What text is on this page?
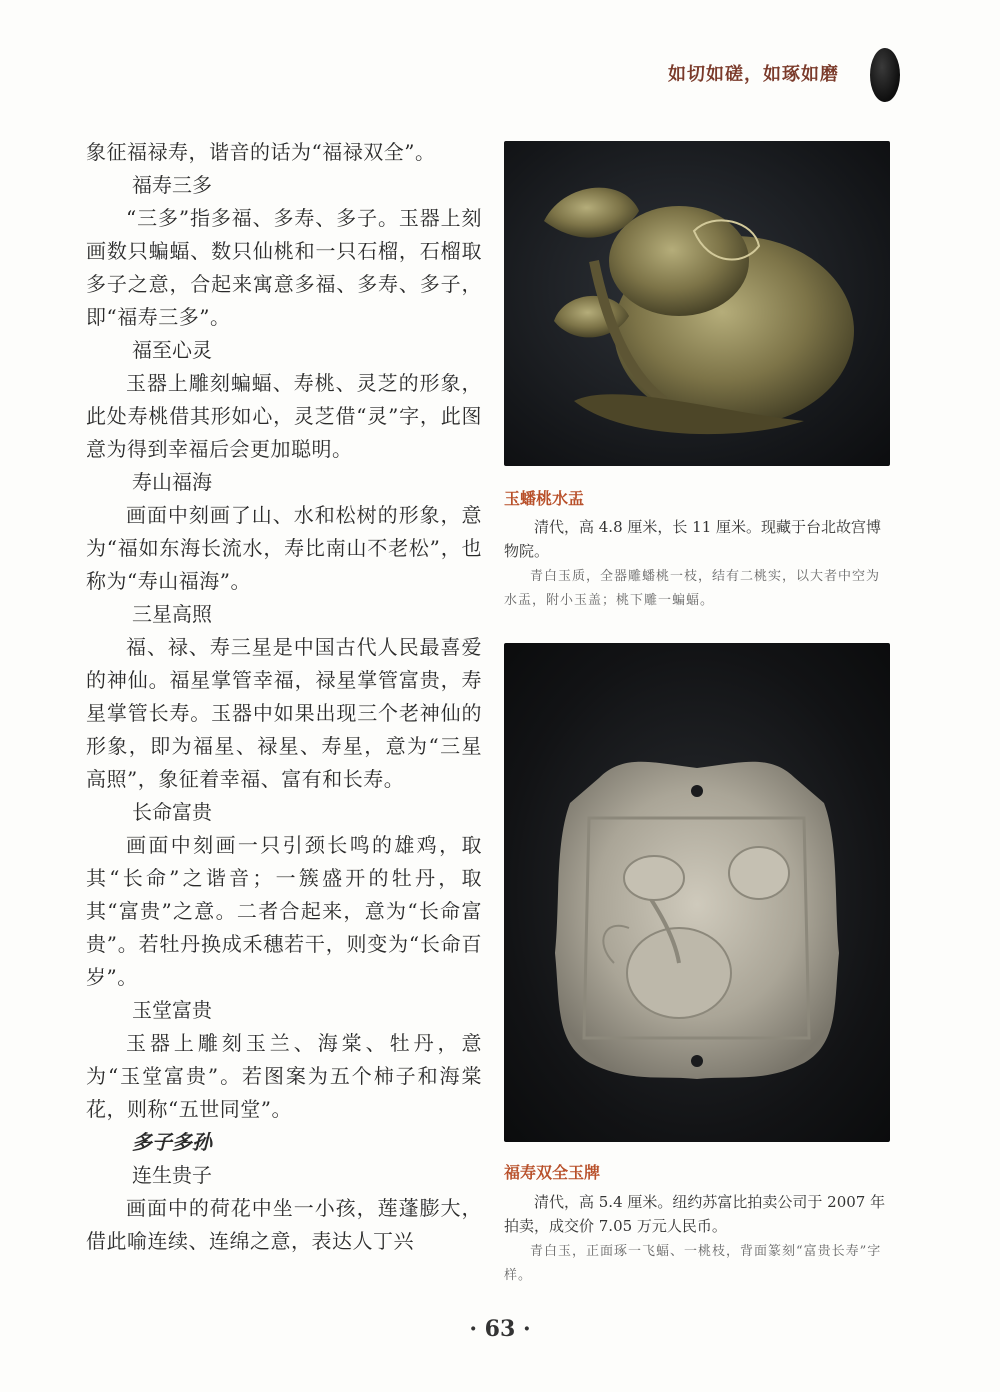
如切如磋，如琢如磨

象征福禄寿，谐音的话为“福禄双全”。

福寿三多

“三多”指多福、多寿、多子。玉器上刻画数只蝙蝠、数只仙桃和一只石榴，石榴取多子之意，合起来寓意多福、多寿、多子，即“福寿三多”。

福至心灵

玉器上雕刻蝙蝠、寿桃、灵芝的形象，此处寿桃借其形如心，灵芝借“灵”字，此图意为得到幸福后会更加聪明。

寿山福海

画面中刻画了山、水和松树的形象，意为“福如东海长流水，寿比南山不老松”，也称为“寿山福海”。

三星高照

福、禄、寿三星是中国古代人民最喜爱的神仙。福星掌管幸福，禄星掌管富贵，寿星掌管长寿。玉器中如果出现三个老神仙的形象，即为福星、禄星、寿星，意为“三星高照”，象征着幸福、富有和长寿。

长命富贵

画面中刻画一只引颈长鸣的雄鸡，取其“长命”之谐音；一簇盛开的牡丹，取其“富贵”之意。二者合起来，意为“长命富贵”。若牡丹换成禾穗若干，则变为“长命百岁”。

玉堂富贵

玉器上雕刻玉兰、海棠、牡丹，意为“玉堂富贵”。若图案为五个柿子和海棠花，则称“五世同堂”。

多子多孙

连生贵子

画面中的荷花中坐一小孩，莲蓬膨大，借此喻连续、连绵之意，表达人丁兴

玉蟠桃水盂

清代，高 4.8 厘米，长 11 厘米。现藏于台北故宫博物院。

青白玉质，全器雕蟠桃一枝，结有二桃实，以大者中空为水盂，附小玉盖；桃下雕一蝙蝠。

福寿双全玉牌

清代，高 5.4 厘米。纽约苏富比拍卖公司于 2007 年拍卖，成交价 7.05 万元人民币。

青白玉，正面琢一飞蝠、一桃枝，背面篆刻“富贵长寿”字样。

· 63 ·
